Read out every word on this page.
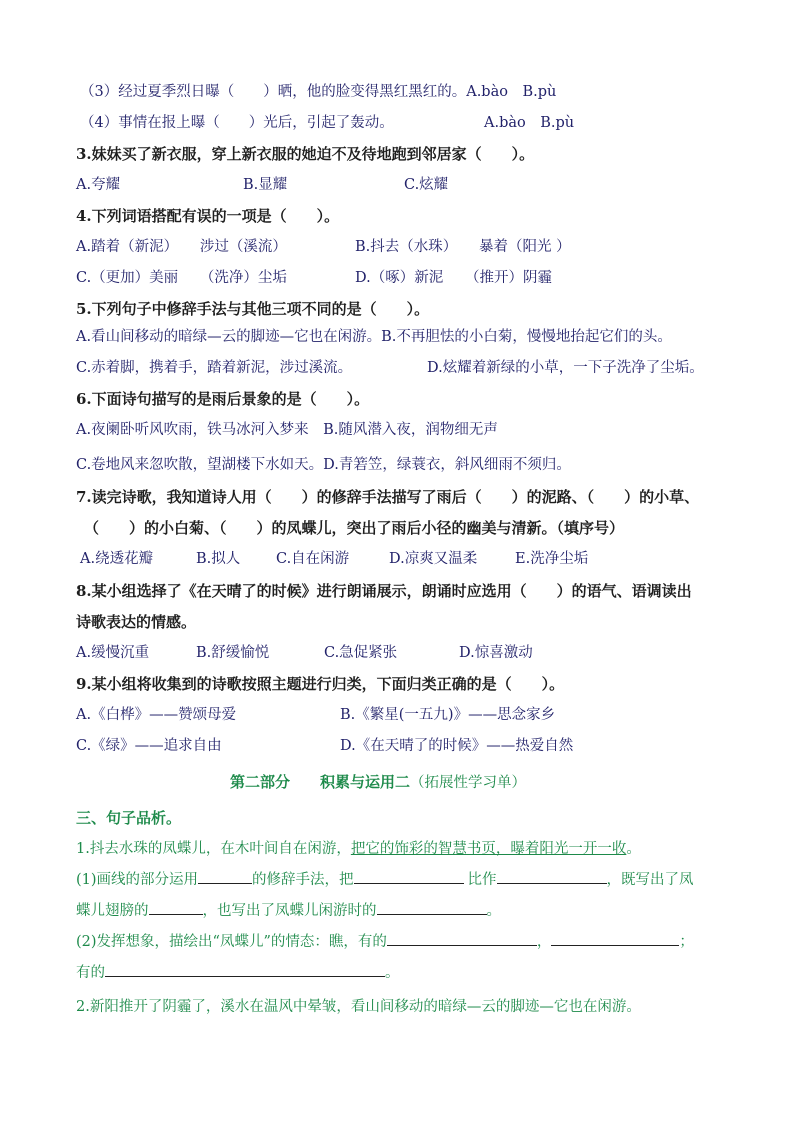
（3）经过夏季烈日曝（　　）晒，他的脸变得黑红黑红的。A.bào　B.pù
（4）事情在报上曝（　　）光后，引起了轰动。	A.bào　B.pù
3.妹妹买了新衣服，穿上新衣服的她迫不及待地跑到邻居家（　　）。
A.夸耀	B.显耀	C.炫耀
4.下列词语搭配有误的一项是（　　）。
A.踏着（新泥）　　涉过（溪流）	B.抖去（水珠）　　暴着（阳光 ）
C.（更加）美丽　　（洗净）尘垢	D.（啄）新泥　　（推开）阴霾
5.下列句子中修辞手法与其他三项不同的是（　　）。
A.看山间移动的暗绿—云的脚迹—它也在闲游。B.不再胆怯的小白菊，慢慢地抬起它们的头。
C.赤着脚，携着手，踏着新泥，涉过溪流。	D.炫耀着新绿的小草，一下子洗净了尘垢。
6.下面诗句描写的是雨后景象的是（　　）。
A.夜阑卧听风吹雨，铁马冰河入梦来　B.随风潜入夜，润物细无声
C.卷地风来忽吹散，望湖楼下水如天。D.青箬笠，绿蓑衣，斜风细雨不须归。
7.读完诗歌，我知道诗人用（　　）的修辞手法描写了雨后（　　）的泥路、（　　）的小草、
（　　）的小白菊、（　　）的凤蝶儿，突出了雨后小径的幽美与清新。（填序号）
A.绕透花瓣	B.拟人 C.自在闲游	D.凉爽又温柔	E.洗净尘垢
8.某小组选择了《在天晴了的时候》进行朗诵展示，朗诵时应选用（　　）的语气、语调读出
诗歌表达的情感。
A.缓慢沉重	B.舒缓愉悦	C.急促紧张	D.惊喜激动
9.某小组将收集到的诗歌按照主题进行归类，下面归类正确的是（　　）。
A.《白桦》——赞颂母爱	B.《繁星(一五九)》——思念家乡
C.《绿》——追求自由	D.《在天晴了的时候》——热爱自然
第二部分　　积累与运用二（拓展性学习单）
三、句子品析。
1.抖去水珠的凤蝶儿，在木叶间自在闲游，把它的饰彩的智慧书页，曝着阳光一开一收。
(1)画线的部分运用	的修辞手法，把	比作	，既写出了凤
蝶儿翅膀的	，也写出了凤蝶儿闲游时的	。
(2)发挥想象，描绘出“凤蝶儿”的情态：瞧，有的	，	；
有的	。
2.新阳推开了阴霾了，溪水在温风中晕皱，看山间移动的暗绿—云的脚迹—它也在闲游。
